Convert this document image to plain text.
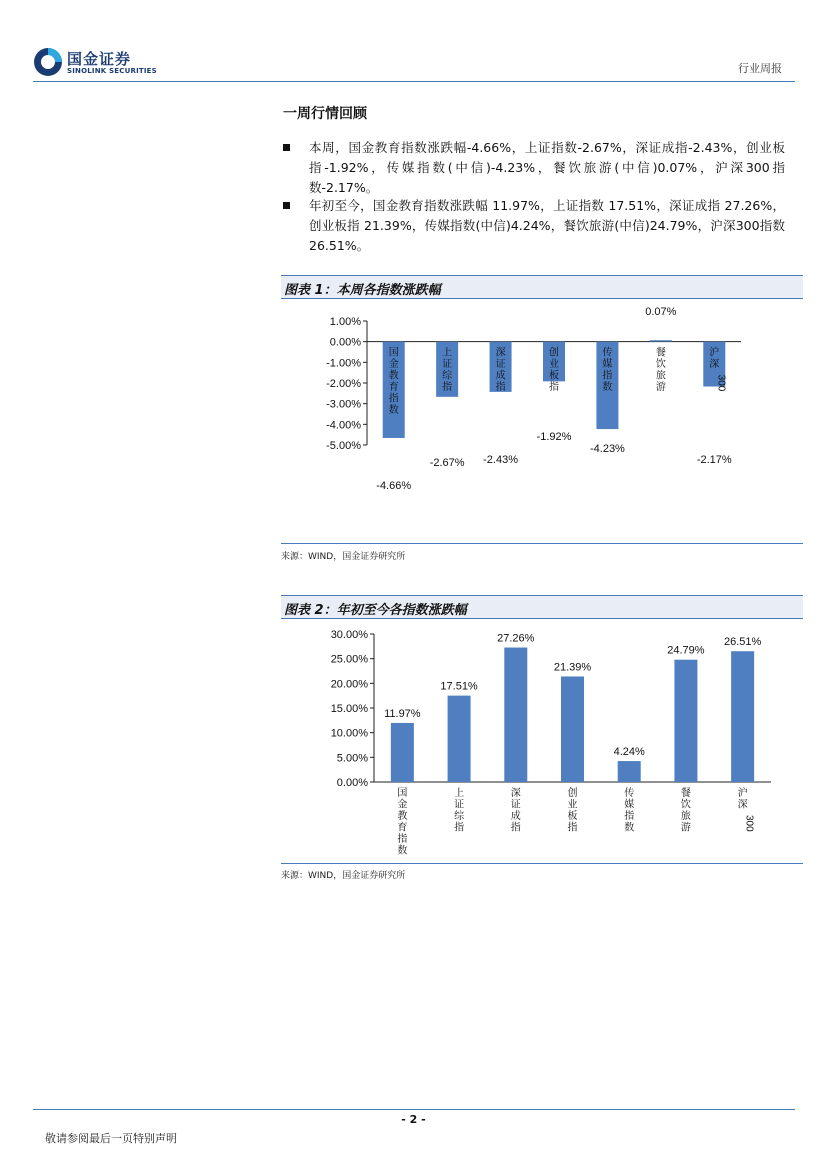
国金证券
SINOLINK SECURITIES	行业周报
一周行情回顾
本周，国金教育指数涨跌幅-4.66%，上证指数-2.67%，深证成指-2.43%，创业板指-1.92%，传媒指数(中信)-4.23%，餐饮旅游(中信)0.07%，沪深300指数-2.17%。
年初至今，国金教育指数涨跌幅 11.97%，上证指数 17.51%，深证成指 27.26%，创业板指 21.39%，传媒指数(中信)4.24%，餐饮旅游(中信)24.79%，沪深300指数26.51%。
图表 1：本周各指数涨跌幅
1.00%
0.00%
-1.00%
-2.00%
-3.00%
-4.00%
-5.00%
国
金
教
育
指
数
-4.66%
上
证
综
指
-2.67%
深
证
成
指
-2.43%
创
业
板
指
-1.92%
传
媒
指
数
-4.23%
餐
饮
旅
游
0.07%
沪
深
300
-2.17%
来源：WIND，国金证券研究所
图表 2：年初至今各指数涨跌幅
30.00%
25.00%
20.00%
15.00%
10.00%
5.00%
0.00%
国
金
教
育
指
数
11.97%
上
证
综
指
17.51%
深
证
成
指
27.26%
创
业
板
指
21.39%
传
媒
指
数
4.24%
餐
饮
旅
游
24.79%
沪
深
300
26.51%
来源：WIND，国金证券研究所
- 2 -
敬请参阅最后一页特别声明
